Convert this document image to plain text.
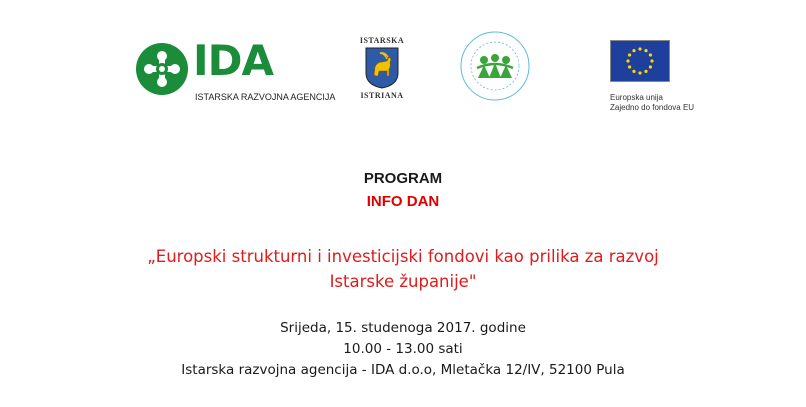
IDA
ISTARSKA RAZVOJNA AGENCIJA
ISTARSKA
ISTRIANA	Europska unija
Zajedno do fondova EU
PROGRAM
INFO DAN
„Europski strukturni i investicijski fondovi kao prilika za razvoj
Istarske županije"
Srijeda, 15. studenoga 2017. godine
10.00 - 13.00 sati
Istarska razvojna agencija - IDA d.o.o, Mletačka 12/IV, 52100 Pula
